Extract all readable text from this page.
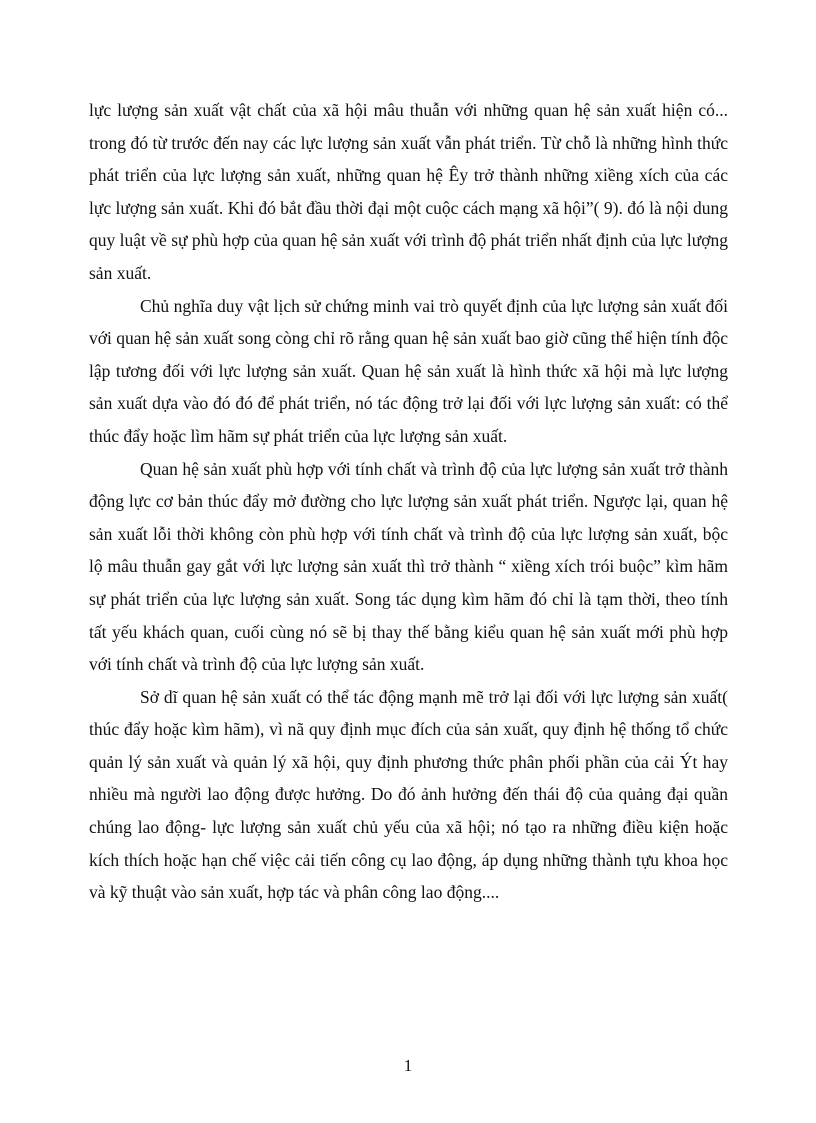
lực lượng sản xuất vật chất của xã hội mâu thuẫn với những quan hệ sản xuất hiện có... trong đó từ trước đến nay các lực lượng sản xuất vẫn phát triển. Từ chỗ là những hình thức phát triển của lực lượng sản xuất, những quan hệ Êy trở thành những xiềng xích của các lực lượng sản xuất. Khi đó bắt đầu thời đại một cuộc cách mạng xã hội”( 9). đó là nội dung quy luật về sự phù hợp của quan hệ sản xuất với trình độ phát triển nhất định của lực lượng sản xuất.

Chủ nghĩa duy vật lịch sử chứng minh vai trò quyết định của lực lượng sản xuất đối với quan hệ sản xuất song còng chỉ rõ rằng quan hệ sản xuất bao giờ cũng thể hiện tính độc lập tương đối với lực lượng sản xuất. Quan hệ sản xuất là hình thức xã hội mà lực lượng sản xuất dựa vào đó đó để phát triển, nó tác động trở lại đối với lực lượng sản xuất: có thể thúc đẩy hoặc lìm hãm sự phát triển của lực lượng sản xuất.

Quan hệ sản xuất phù hợp với tính chất và trình độ của lực lượng sản xuất trở thành động lực cơ bản thúc đẩy mở đường cho lực lượng sản xuất phát triển. Ngược lại, quan hệ sản xuất lỗi thời không còn phù hợp với tính chất và trình độ của lực lượng sản xuất, bộc lộ mâu thuẫn gay gắt với lực lượng sản xuất thì trở thành “ xiềng xích trói buộc” kìm hãm sự phát triển của lực lượng sản xuất. Song tác dụng kìm hãm đó chỉ là tạm thời, theo tính tất yếu khách quan, cuối cùng nó sẽ bị thay thế bằng kiểu quan hệ sản xuất mới phù hợp với tính chất và trình độ của lực lượng sản xuất.

Sở dĩ quan hệ sản xuất có thể tác động mạnh mẽ trở lại đối với lực lượng sản xuất( thúc đẩy hoặc kìm hãm), vì nã quy định mục đích của sản xuất, quy định hệ thống tổ chức quản lý sản xuất và quản lý xã hội, quy định phương thức phân phối phần của cải Ýt hay nhiều mà người lao động được hưởng. Do đó ảnh hưởng đến thái độ của quảng đại quần chúng lao động- lực lượng sản xuất chủ yếu của xã hội; nó tạo ra những điều kiện hoặc kích thích hoặc hạn chế việc cải tiến công cụ lao động, áp dụng những thành tựu khoa học và kỹ thuật vào sản xuất, hợp tác và phân công lao động....

1
